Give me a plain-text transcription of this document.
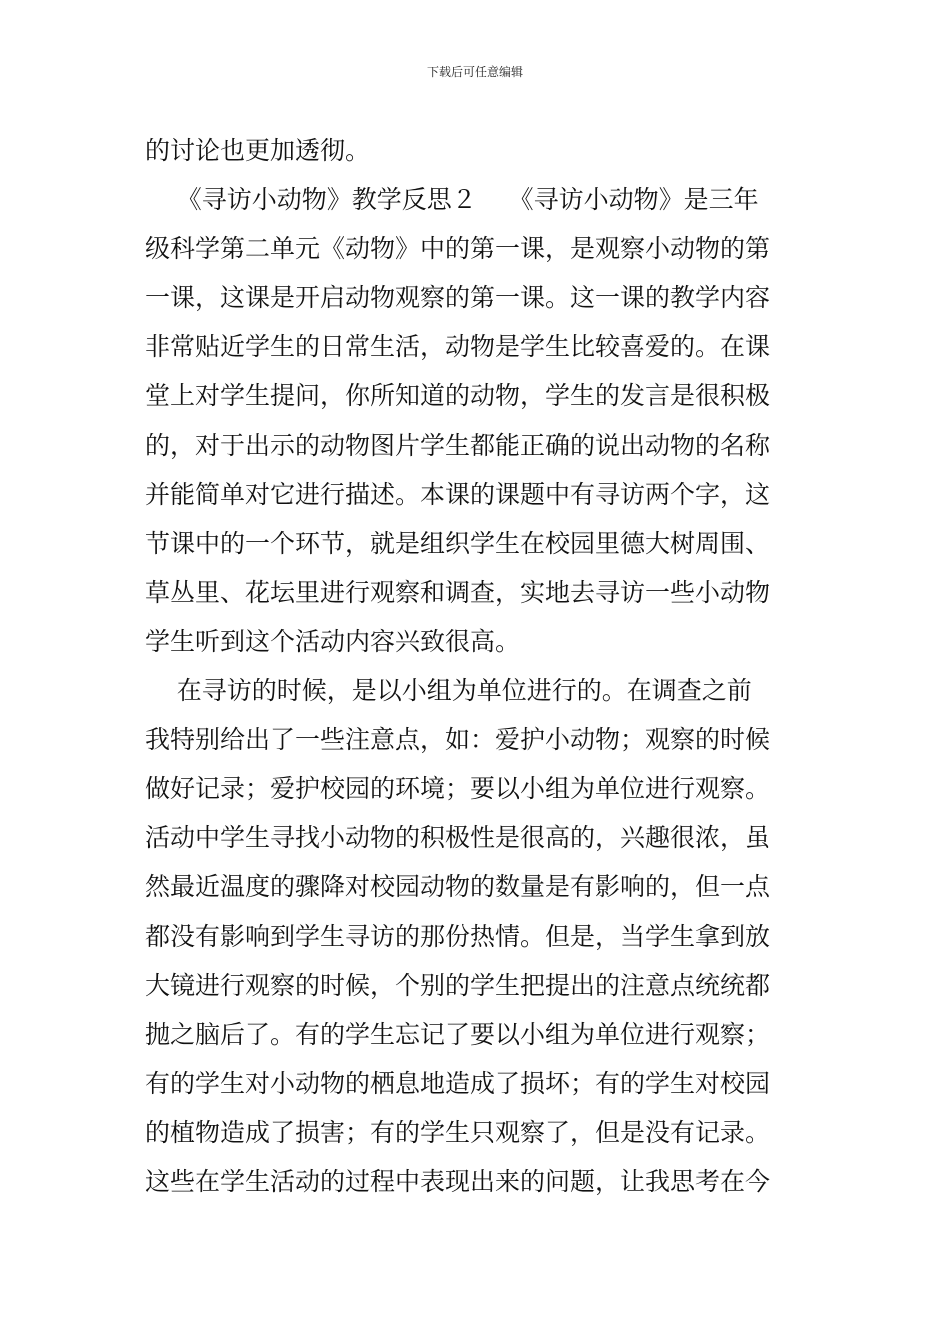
下载后可任意编辑
的讨论也更加透彻。
《寻访小动物》教学反思２    《寻访小动物》是三年
级科学第二单元《动物》中的第一课，是观察小动物的第
一课，这课是开启动物观察的第一课。这一课的教学内容
非常贴近学生的日常生活，动物是学生比较喜爱的。在课
堂上对学生提问，你所知道的动物，学生的发言是很积极
的，对于出示的动物图片学生都能正确的说出动物的名称
并能简单对它进行描述。本课的课题中有寻访两个字，这
节课中的一个环节，就是组织学生在校园里德大树周围、
草丛里、花坛里进行观察和调查，实地去寻访一些小动物
学生听到这个活动内容兴致很高。
在寻访的时候，是以小组为单位进行的。在调查之前
我特别给出了一些注意点，如：爱护小动物；观察的时候
做好记录；爱护校园的环境；要以小组为单位进行观察。
活动中学生寻找小动物的积极性是很高的，兴趣很浓，虽
然最近温度的骤降对校园动物的数量是有影响的，但一点
都没有影响到学生寻访的那份热情。但是，当学生拿到放
大镜进行观察的时候，个别的学生把提出的注意点统统都
抛之脑后了。有的学生忘记了要以小组为单位进行观察；
有的学生对小动物的栖息地造成了损坏；有的学生对校园
的植物造成了损害；有的学生只观察了，但是没有记录。
这些在学生活动的过程中表现出来的问题，让我思考在今
